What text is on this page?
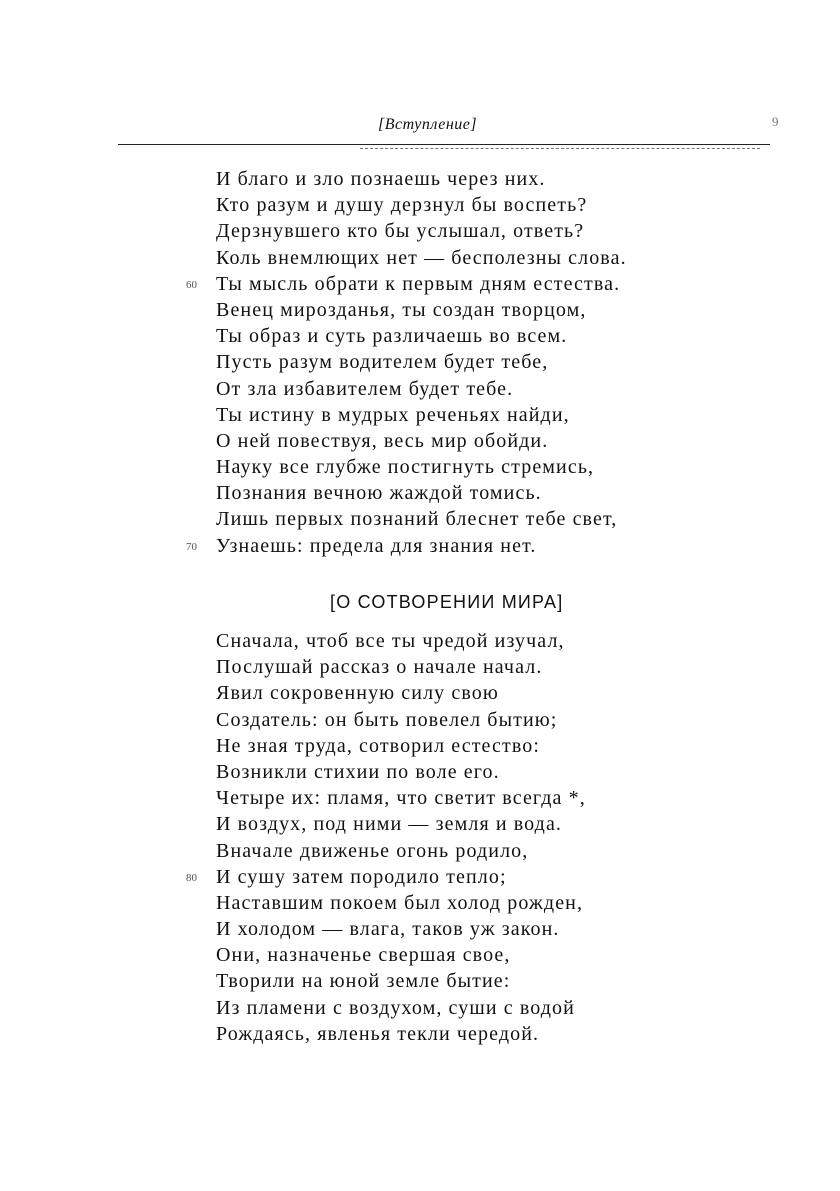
[Вступление]	9
И благо и зло познаешь через них.
Кто разум и душу дерзнул бы воспеть?
Дерзнувшего кто бы услышал, ответь?
Коль внемлющих нет — бесполезны слова.
60 Ты мысль обрати к первым дням естества.
Венец мирозданья, ты создан творцом,
Ты образ и суть различаешь во всем.
Пусть разум водителем будет тебе,
От зла избавителем будет тебе.
Ты истину в мудрых реченьях найди,
О ней повествуя, весь мир обойди.
Науку все глубже постигнуть стремись,
Познания вечною жаждой томись.
Лишь первых познаний блеснет тебе свет,
70 Узнаешь: предела для знания нет.
[О СОТВОРЕНИИ МИРА]
Сначала, чтоб все ты чредой изучал,
Послушай рассказ о начале начал.
Явил сокровенную силу свою
Создатель: он быть повелел бытию;
Не зная труда, сотворил естество:
Возникли стихии по воле его.
Четыре их: пламя, что светит всегда *,
И воздух, под ними — земля и вода.
Вначале движенье огонь родило,
80 И сушу затем породило тепло;
Наставшим покоем был холод рожден,
И холодом — влага, таков уж закон.
Они, назначенье свершая свое,
Творили на юной земле бытие:
Из пламени с воздухом, суши с водой
Рождаясь, явленья текли чередой.
